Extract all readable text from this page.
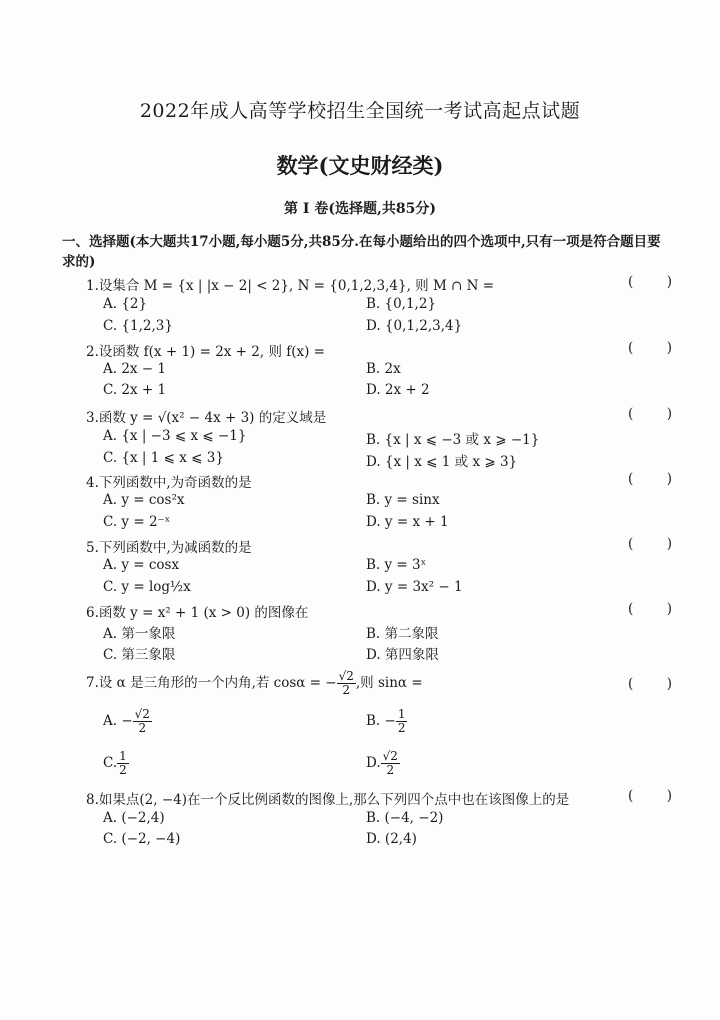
2022年成人高等学校招生全国统一考试高起点试题
数学(文史财经类)
第 Ⅰ 卷(选择题,共85分)
一、选择题(本大题共17小题,每小题5分,共85分.在每小题给出的四个选项中,只有一项是符合题目要求的)
1.设集合 M = {x | |x − 2| < 2}, N = {0,1,2,3,4}, 则 M ∩ N =	( )
A. {2}	B. {0,1,2}
C. {1,2,3}	D. {0,1,2,3,4}
2.设函数 f(x + 1) = 2x + 2, 则 f(x) =	( )
A. 2x − 1	B. 2x
C. 2x + 1	D. 2x + 2
3.函数 y = √(x² − 4x + 3) 的定义域是	( )
A. {x | −3 ⩽ x ⩽ −1}	B. {x | x ⩽ −3 或 x ⩾ −1}
C. {x | 1 ⩽ x ⩽ 3}	D. {x | x ⩽ 1 或 x ⩾ 3}
4.下列函数中,为奇函数的是	( )
A. y = cos²x	B. y = sinx
C. y = 2⁻ˣ	D. y = x + 1
5.下列函数中,为减函数的是	( )
A. y = cosx	B. y = 3ˣ
C. y = log½x	D. y = 3x² − 1
6.函数 y = x² + 1 (x > 0) 的图像在	( )
A. 第一象限	B. 第二象限
C. 第三象限	D. 第四象限
7.设 α 是三角形的一个内角,若 cosα = − $\frac{√2}{2}$ ,则 sinα =	( )
A. − $\frac{√2}{2}$	B. − $\frac{1}{2}$
C. $\frac{1}{2}$	D. $\frac{√2}{2}$
8.如果点(2, −4)在一个反比例函数的图像上,那么下列四个点中也在该图像上的是	( )
A. (−2,4)	B. (−4, −2)
C. (−2, −4)	D. (2,4)
